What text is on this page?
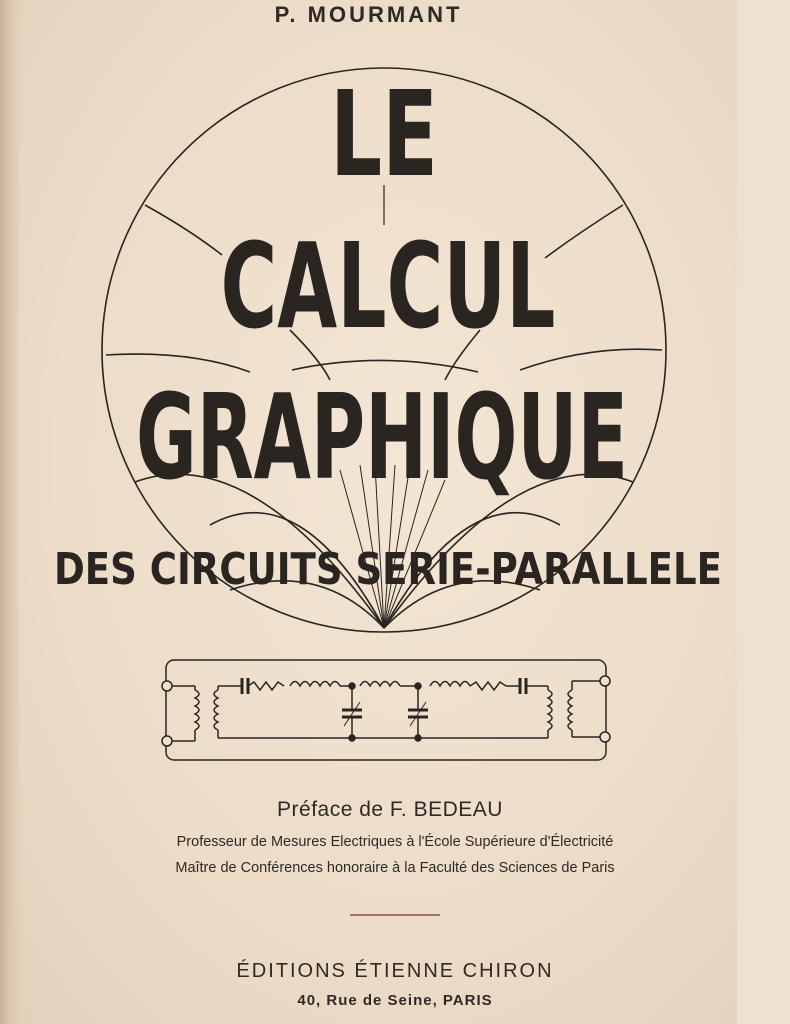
P. MOURMANT
LE
CALCUL
GRAPHIQUE
DES CIRCUITS SERIE-PARALLELE
Préface de F. BEDEAU
Professeur de Mesures Electriques à l'École Supérieure d'Électricité
Maître de Conférences honoraire à la Faculté des Sciences de Paris
ÉDITIONS ÉTIENNE CHIRON
40, Rue de Seine, PARIS
